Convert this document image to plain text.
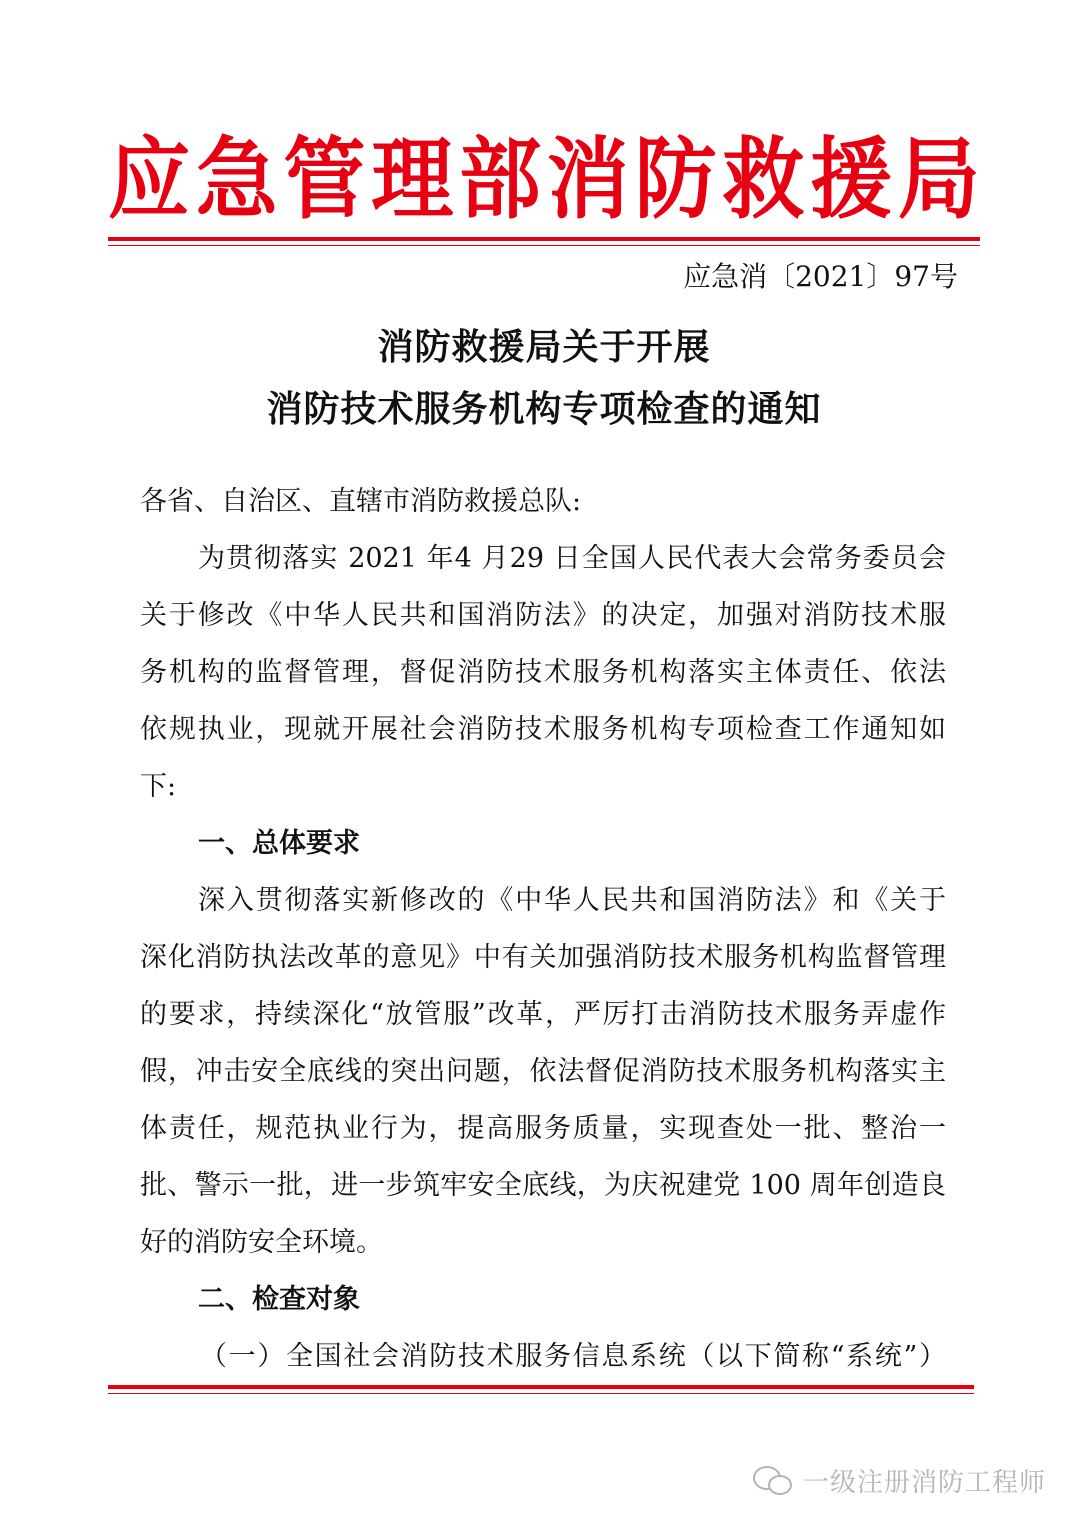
应 急 管 理 部 消 防 救 援 局
应急消〔2021〕97号
消防救援局关于开展
消防技术服务机构专项检查的通知
各省、自治区、直辖市消防救援总队:
为贯彻落实 2021 年4 月29 日全国人民代表大会常务委员会
关于修改《中华人民共和国消防法》的决定，加强对消防技术服
务机构的监督管理，督促消防技术服务机构落实主体责任、依法
依规执业，现就开展社会消防技术服务机构专项检查工作通知如
下:
一、总体要求
深入贯彻落实新修改的《中华人民共和国消防法》和《关于
深化消防执法改革的意见》中有关加强消防技术服务机构监督管理
的要求，持续深化“放管服”改革，严厉打击消防技术服务弄虚作
假，冲击安全底线的突出问题，依法督促消防技术服务机构落实主
体责任，规范执业行为，提高服务质量，实现查处一批、整治一
批、警示一批，进一步筑牢安全底线，为庆祝建党 100 周年创造良
好的消防安全环境。
二、检查对象
（一）全国社会消防技术服务信息系统（以下简称“系统”）
一级注册消防工程师
